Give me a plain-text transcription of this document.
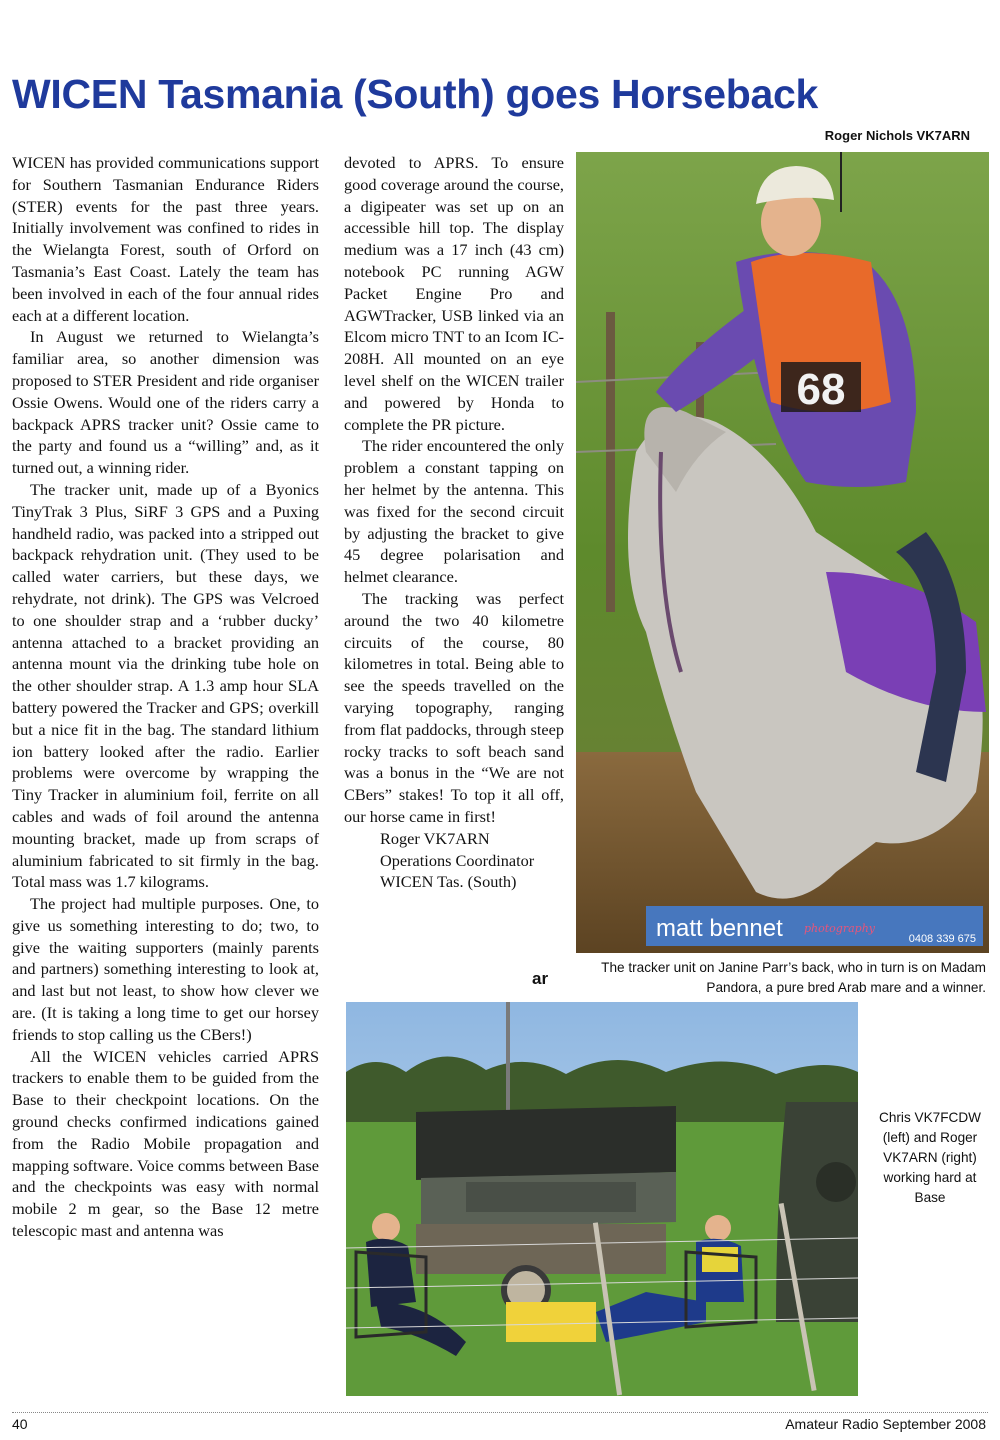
WICEN Tasmania (South) goes Horseback
Roger Nichols VK7ARN

WICEN has provided communications support for Southern Tasmanian Endurance Riders (STER) events for the past three years. Initially involvement was confined to rides in the Wielangta Forest, south of Orford on Tasmania’s East Coast. Lately the team has been involved in each of the four annual rides each at a different location.

In August we returned to Wielangta’s familiar area, so another dimension was proposed to STER President and ride organiser Ossie Owens. Would one of the riders carry a backpack APRS tracker unit? Ossie came to the party and found us a “willing” and, as it turned out, a winning rider.

The tracker unit, made up of a Byonics TinyTrak 3 Plus, SiRF 3 GPS and a Puxing handheld radio, was packed into a stripped out backpack rehydration unit. (They used to be called water carriers, but these days, we rehydrate, not drink). The GPS was Velcroed to one shoulder strap and a ‘rubber ducky’ antenna attached to a bracket providing an antenna mount via the drinking tube hole on the other shoulder strap. A 1.3 amp hour SLA battery powered the Tracker and GPS; overkill but a nice fit in the bag. The standard lithium ion battery looked after the radio. Earlier problems were overcome by wrapping the Tiny Tracker in aluminium foil, ferrite on all cables and wads of foil around the antenna mounting bracket, made up from scraps of aluminium fabricated to sit firmly in the bag. Total mass was 1.7 kilograms.

The project had multiple purposes. One, to give us something interesting to do; two, to give the waiting supporters (mainly parents and partners) something interesting to look at, and last but not least, to show how clever we are. (It is taking a long time to get our horsey friends to stop calling us the CBers!)

All the WICEN vehicles carried APRS trackers to enable them to be guided from the Base to their checkpoint locations. On the ground checks confirmed indications gained from the Radio Mobile propagation and mapping software. Voice comms between Base and the checkpoints was easy with normal mobile 2 m gear, so the Base 12 metre telescopic mast and antenna was

devoted to APRS. To ensure good coverage around the course, a digipeater was set up on an accessible hill top. The display medium was a 17 inch (43 cm) notebook PC running AGW Packet Engine Pro and AGWTracker, USB linked via an Elcom micro TNT to an Icom IC-208H. All mounted on an eye level shelf on the WICEN trailer and powered by Honda to complete the PR picture.

The rider encountered the only problem a constant tapping on her helmet by the antenna. This was fixed for the second circuit by adjusting the bracket to give 45 degree polarisation and helmet clearance.

The tracking was perfect around the two 40 kilometre circuits of the course, 80 kilometres in total. Being able to see the speeds travelled on the varying topography, ranging from flat paddocks, through steep rocky tracks to soft beach sand was a bonus in the “We are not CBers” stakes! To top it all off, our horse came in first!

Roger VK7ARN
Operations Coordinator
WICEN Tas. (South)
ar
68
matt bennet photography
0408 339 675
The tracker unit on Janine Parr’s back, who in turn is on Madam Pandora, a pure bred Arab mare and a winner.
Chris VK7FCDW (left) and Roger VK7ARN (right) working hard at Base
40	Amateur Radio September 2008
